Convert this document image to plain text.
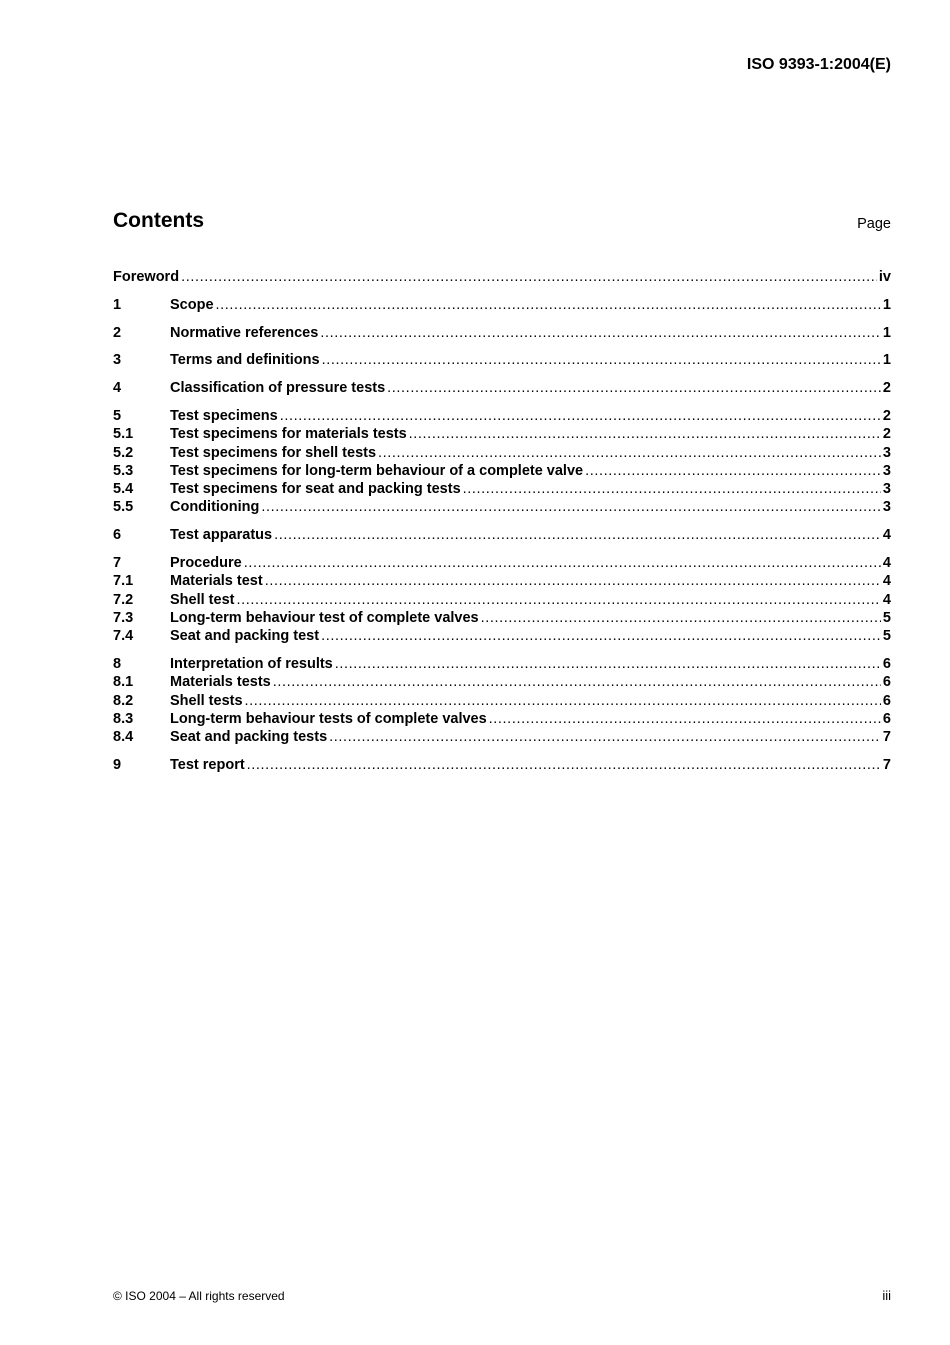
ISO 9393-1:2004(E)
Contents	Page
Foreword .....	iv
1	Scope .....	1
2	Normative references .....	1
3	Terms and definitions .....	1
4	Classification of pressure tests .....	2
5	Test specimens .....	2
5.1	Test specimens for materials tests .....	2
5.2	Test specimens for shell tests .....	3
5.3	Test specimens for long-term behaviour of a complete valve .....	3
5.4	Test specimens for seat and packing tests .....	3
5.5	Conditioning .....	3
6	Test apparatus .....	4
7	Procedure .....	4
7.1	Materials test .....	4
7.2	Shell test .....	4
7.3	Long-term behaviour test of complete valves .....	5
7.4	Seat and packing test .....	5
8	Interpretation of results .....	6
8.1	Materials tests .....	6
8.2	Shell tests .....	6
8.3	Long-term behaviour tests of complete valves .....	6
8.4	Seat and packing tests .....	7
9	Test report .....	7
© ISO 2004 – All rights reserved	iii
